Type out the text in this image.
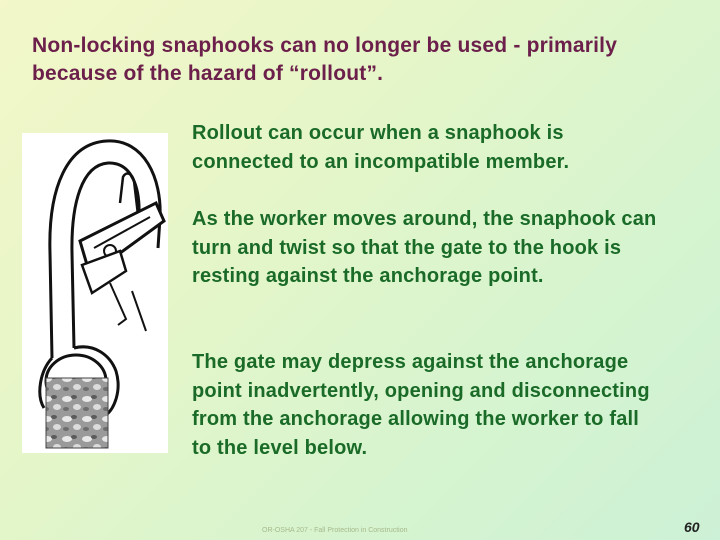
Non-locking snaphooks can no longer be used - primarily because of the hazard of “rollout”.

Rollout can occur when a snaphook is connected to an incompatible member.

As the worker moves around, the snaphook can turn and twist so that the gate to the hook is resting against the anchorage point.

The gate may depress against the anchorage point inadvertently, opening and disconnecting from the anchorage allowing the worker to fall to the level below.

OR-OSHA 207 - Fall Protection in Construction	60
